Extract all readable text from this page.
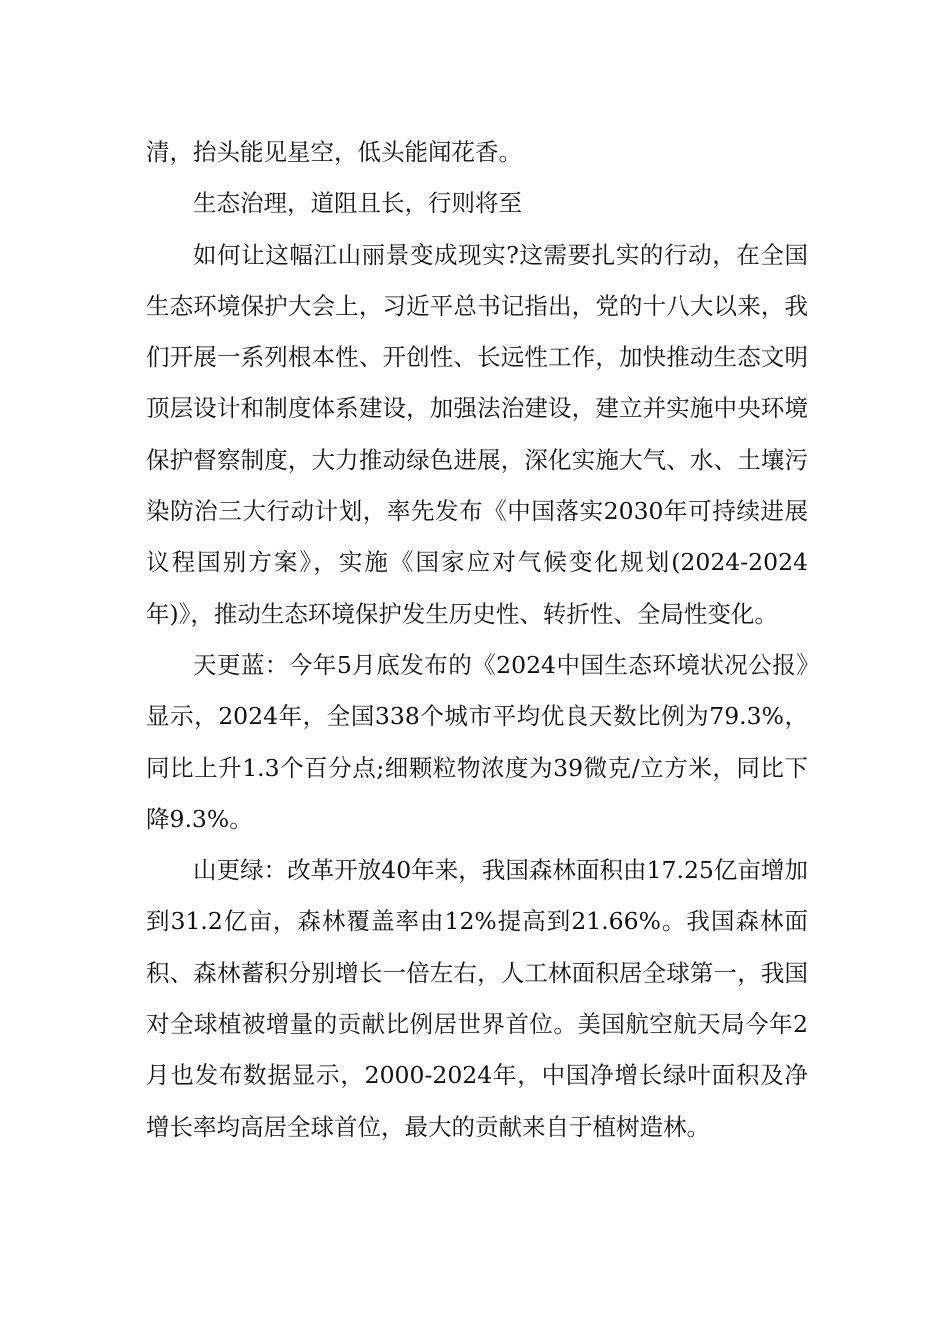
清，抬头能见星空，低头能闻花香。

生态治理，道阻且长，行则将至

如何让这幅江山丽景变成现实?这需要扎实的行动，在全国生态环境保护大会上，习近平总书记指出，党的十八大以来，我们开展一系列根本性、开创性、长远性工作，加快推动生态文明顶层设计和制度体系建设，加强法治建设，建立并实施中央环境保护督察制度，大力推动绿色进展，深化实施大气、水、土壤污染防治三大行动计划，率先发布《中国落实2030年可持续进展议程国别方案》，实施《国家应对气候变化规划(2024-2024年)》，推动生态环境保护发生历史性、转折性、全局性变化。

天更蓝：今年5月底发布的《2024中国生态环境状况公报》显示，2024年，全国338个城市平均优良天数比例为79.3%，同比上升1.3个百分点;细颗粒物浓度为39微克/立方米，同比下降9.3%。

山更绿：改革开放40年来，我国森林面积由17.25亿亩增加到31.2亿亩，森林覆盖率由12%提高到21.66%。我国森林面积、森林蓄积分别增长一倍左右，人工林面积居全球第一，我国对全球植被增量的贡献比例居世界首位。美国航空航天局今年2月也发布数据显示，2000-2024年，中国净增长绿叶面积及净增长率均高居全球首位，最大的贡献来自于植树造林。
